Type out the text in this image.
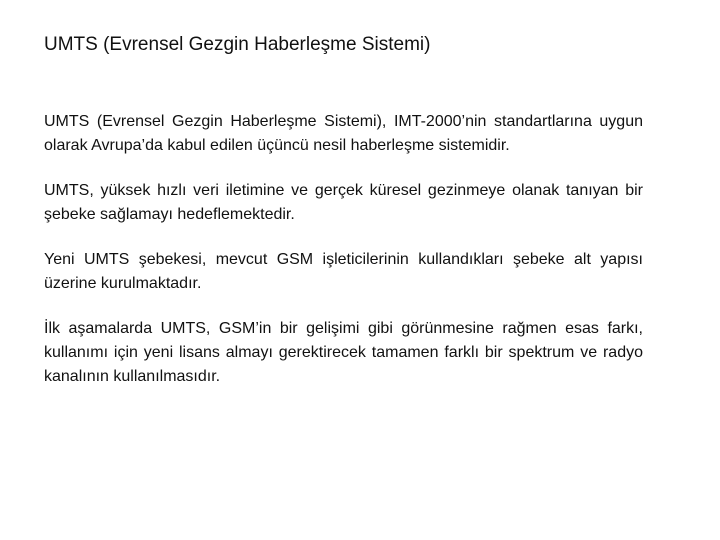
UMTS (Evrensel Gezgin Haberleşme Sistemi)

UMTS (Evrensel Gezgin Haberleşme Sistemi), IMT-2000’nin standartlarına uygun olarak Avrupa’da kabul edilen üçüncü nesil haberleşme sistemidir.

UMTS, yüksek hızlı veri iletimine ve gerçek küresel gezinmeye olanak tanıyan bir şebeke sağlamayı hedeflemektedir.

Yeni UMTS şebekesi, mevcut GSM işleticilerinin kullandıkları şebeke alt yapısı üzerine kurulmaktadır.

İlk aşamalarda UMTS, GSM’in bir gelişimi gibi görünmesine rağmen esas farkı, kullanımı için yeni lisans almayı gerektirecek tamamen farklı bir spektrum ve radyo kanalının kullanılmasıdır.
